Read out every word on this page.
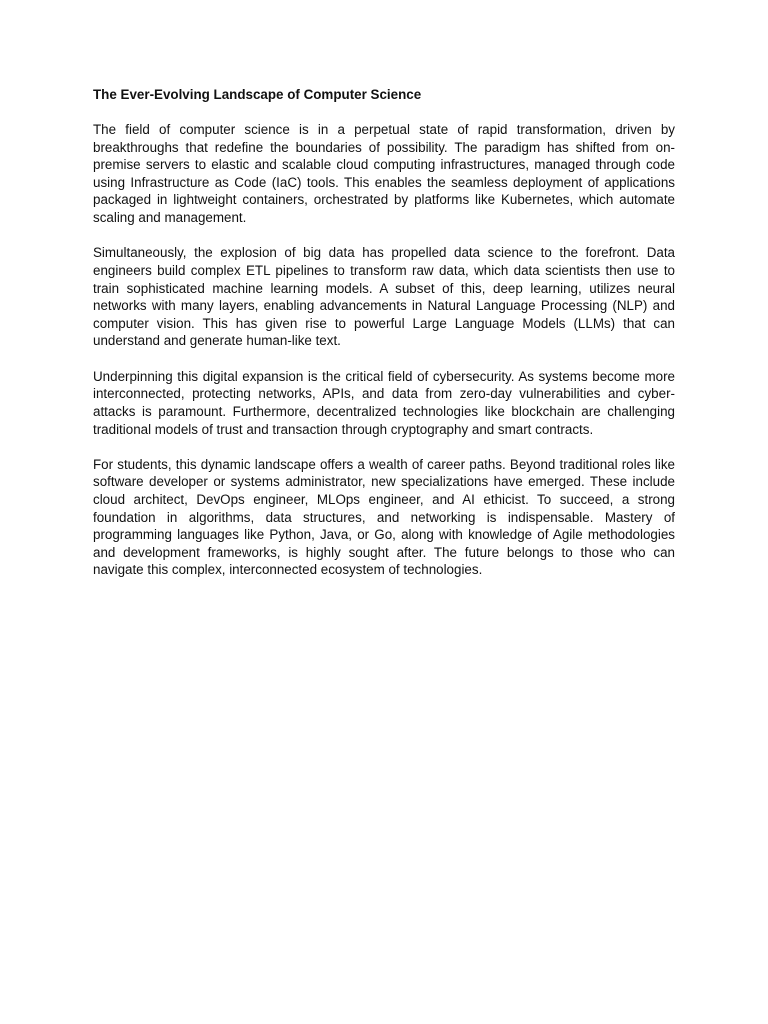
The Ever-Evolving Landscape of Computer Science

The field of computer science is in a perpetual state of rapid transformation, driven by breakthroughs that redefine the boundaries of possibility. The paradigm has shifted from on-premise servers to elastic and scalable cloud computing infrastructures, managed through code using Infrastructure as Code (IaC) tools. This enables the seamless deployment of applications packaged in lightweight containers, orchestrated by platforms like Kubernetes, which automate scaling and management.

Simultaneously, the explosion of big data has propelled data science to the forefront. Data engineers build complex ETL pipelines to transform raw data, which data scientists then use to train sophisticated machine learning models. A subset of this, deep learning, utilizes neural networks with many layers, enabling advancements in Natural Language Processing (NLP) and computer vision. This has given rise to powerful Large Language Models (LLMs) that can understand and generate human-like text.

Underpinning this digital expansion is the critical field of cybersecurity. As systems become more interconnected, protecting networks, APIs, and data from zero-day vulnerabilities and cyber-attacks is paramount. Furthermore, decentralized technologies like blockchain are challenging traditional models of trust and transaction through cryptography and smart contracts.

For students, this dynamic landscape offers a wealth of career paths. Beyond traditional roles like software developer or systems administrator, new specializations have emerged. These include cloud architect, DevOps engineer, MLOps engineer, and AI ethicist. To succeed, a strong foundation in algorithms, data structures, and networking is indispensable. Mastery of programming languages like Python, Java, or Go, along with knowledge of Agile methodologies and development frameworks, is highly sought after. The future belongs to those who can navigate this complex, interconnected ecosystem of technologies.
